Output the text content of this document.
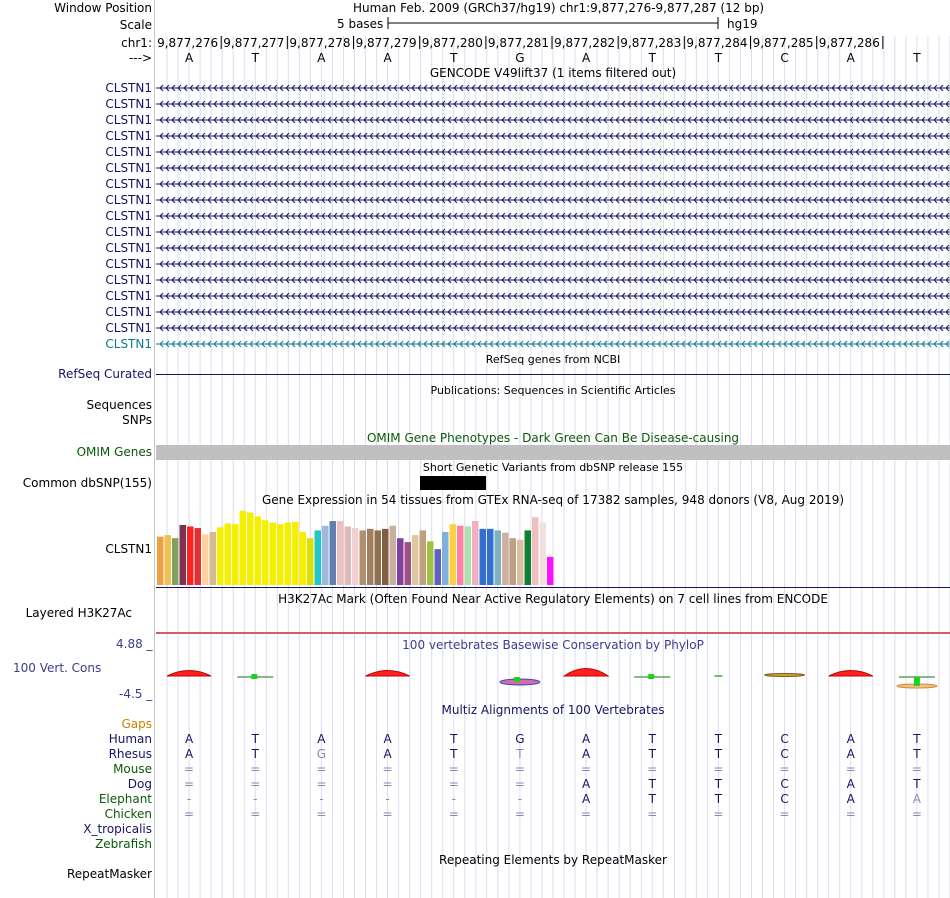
Window Position	Human Feb. 2009 (GRCh37/hg19) chr1:9,877,276-9,877,287 (12 bp)
Scale	5 bases	hg19
chr1: 9,877,276 9,877,277 9,877,278 9,877,279 9,877,280 9,877,281 9,877,282 9,877,283 9,877,284 9,877,285 9,877,286
A	T	A	A	T	G	A	T	T	C	A	T
--->
GENCODE V49lift37 (1 items filtered out)
CLSTN1
CLSTN1
CLSTN1
CLSTN1
CLSTN1
CLSTN1
CLSTN1
CLSTN1
CLSTN1
CLSTN1
CLSTN1
CLSTN1
CLSTN1
CLSTN1
CLSTN1
CLSTN1
CLSTN1
RefSeq genes from NCBI
RefSeq Curated
Publications: Sequences in Scientific Articles
Sequences
SNPs
OMIM Gene Phenotypes - Dark Green Can Be Disease-causing
OMIM Genes
Short Genetic Variants from dbSNP release 155
Common dbSNP(155)
Gene Expression in 54 tissues from GTEx RNA-seq of 17382 samples, 948 donors (V8, Aug 2019)
CLSTN1
H3K27Ac Mark (Often Found Near Active Regulatory Elements) on 7 cell lines from ENCODE
Layered H3K27Ac
100 vertebrates Basewise Conservation by PhyloP
4.88 _
100 Vert. Cons
-4.5 _
Multiz Alignments of 100 Vertebrates
Gaps
Human	A	T	A	A	T	G	A	T	T	C	A	T
Rhesus	A	T	G	A	T	T	A	T	T	C	A	T
Mouse	=	=	=	=	=	=	=	=	=	=	=	=
Dog	=	=	=	=	=	=	A	T	T	C	A	T
Elephant	-	-	-	-	-	-	A	T	T	C	A	A
Chicken	=	=	=	=	=	=	=	=	=	=	=	=
X_tropicalis
Zebrafish
Repeating Elements by RepeatMasker
RepeatMasker
